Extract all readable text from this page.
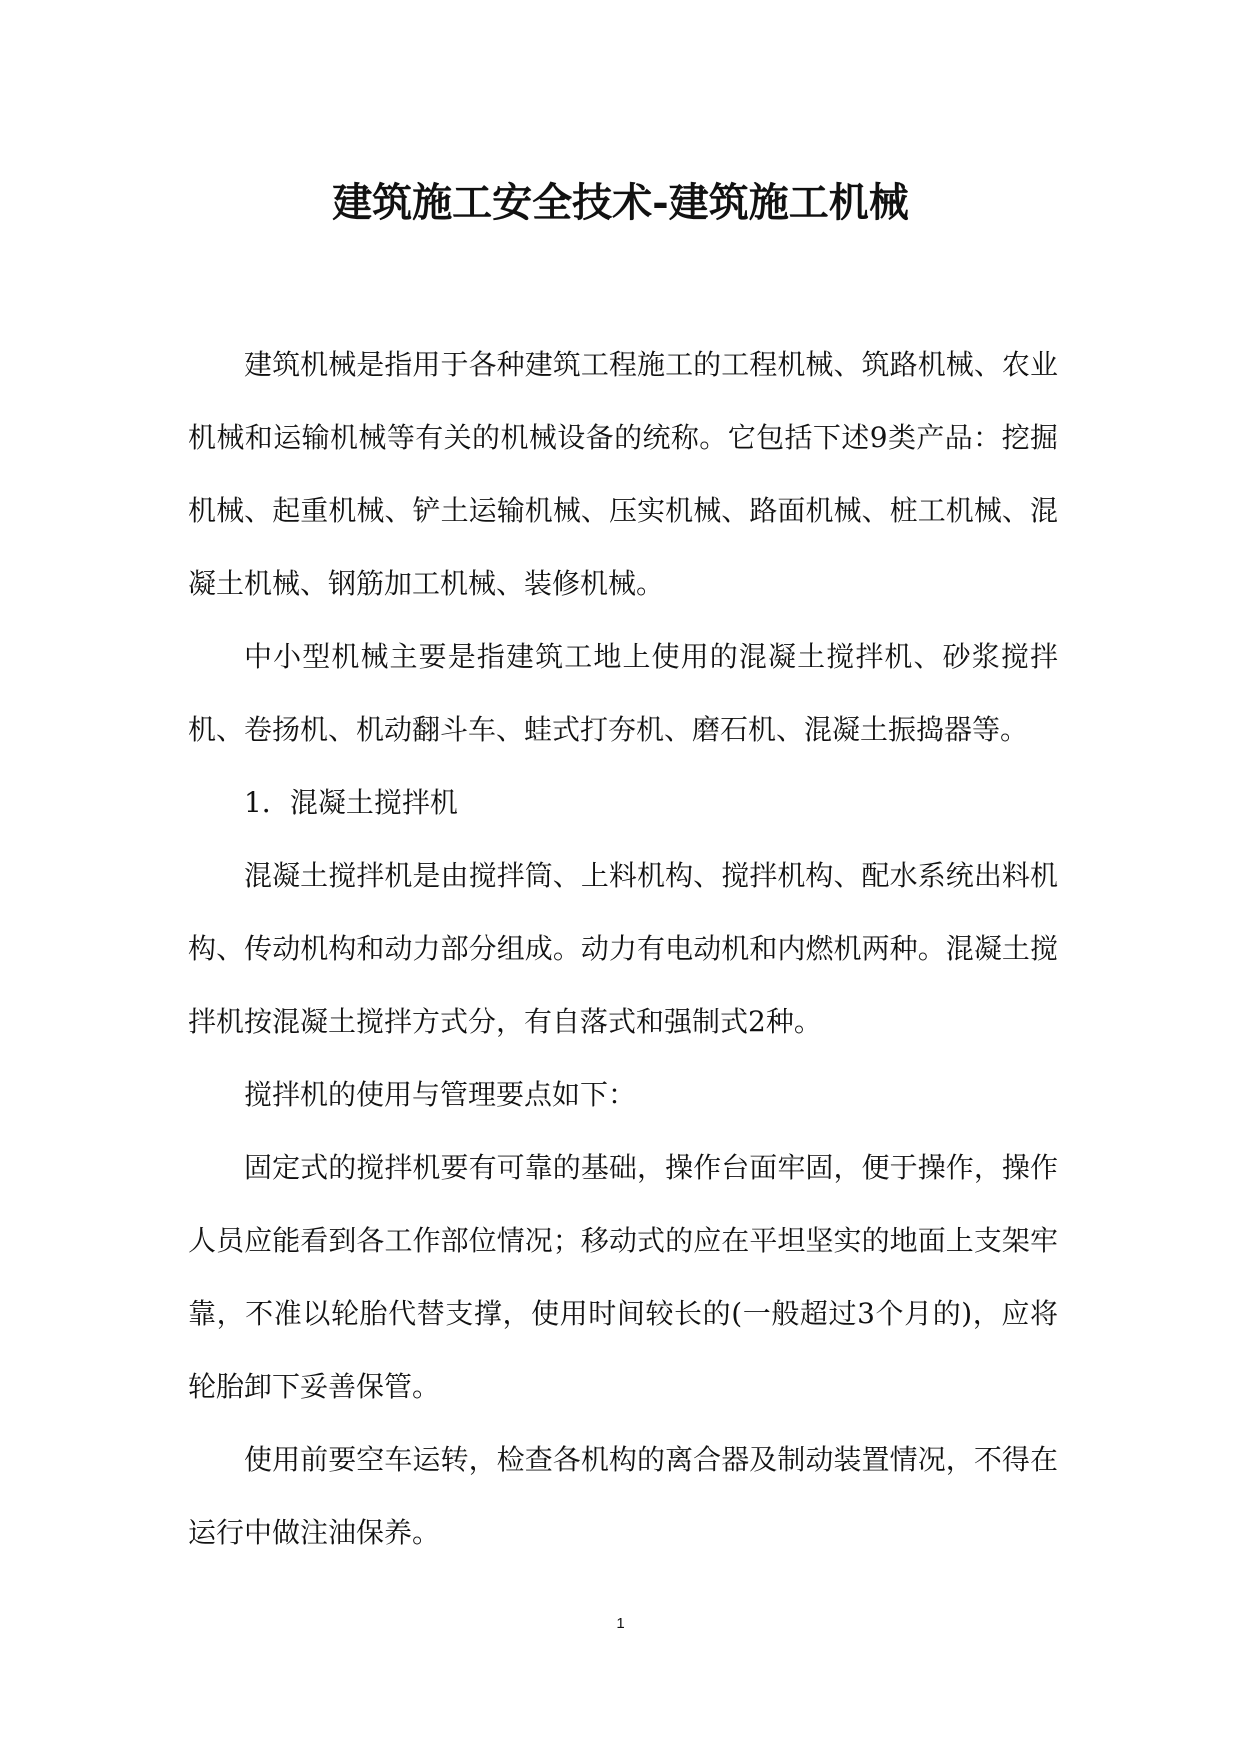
建筑施工安全技术-建筑施工机械

建筑机械是指用于各种建筑工程施工的工程机械、筑路机械、农业机械和运输机械等有关的机械设备的统称。它包括下述9类产品：挖掘机械、起重机械、铲土运输机械、压实机械、路面机械、桩工机械、混凝土机械、钢筋加工机械、装修机械。

中小型机械主要是指建筑工地上使用的混凝土搅拌机、砂浆搅拌机、卷扬机、机动翻斗车、蛙式打夯机、磨石机、混凝土振捣器等。

1．混凝土搅拌机

混凝土搅拌机是由搅拌筒、上料机构、搅拌机构、配水系统出料机构、传动机构和动力部分组成。动力有电动机和内燃机两种。混凝土搅拌机按混凝土搅拌方式分，有自落式和强制式2种。

搅拌机的使用与管理要点如下：

固定式的搅拌机要有可靠的基础，操作台面牢固，便于操作，操作人员应能看到各工作部位情况；移动式的应在平坦坚实的地面上支架牢靠，不准以轮胎代替支撑，使用时间较长的(一般超过3个月的)，应将轮胎卸下妥善保管。

使用前要空车运转，检查各机构的离合器及制动装置情况，不得在运行中做注油保养。

1
